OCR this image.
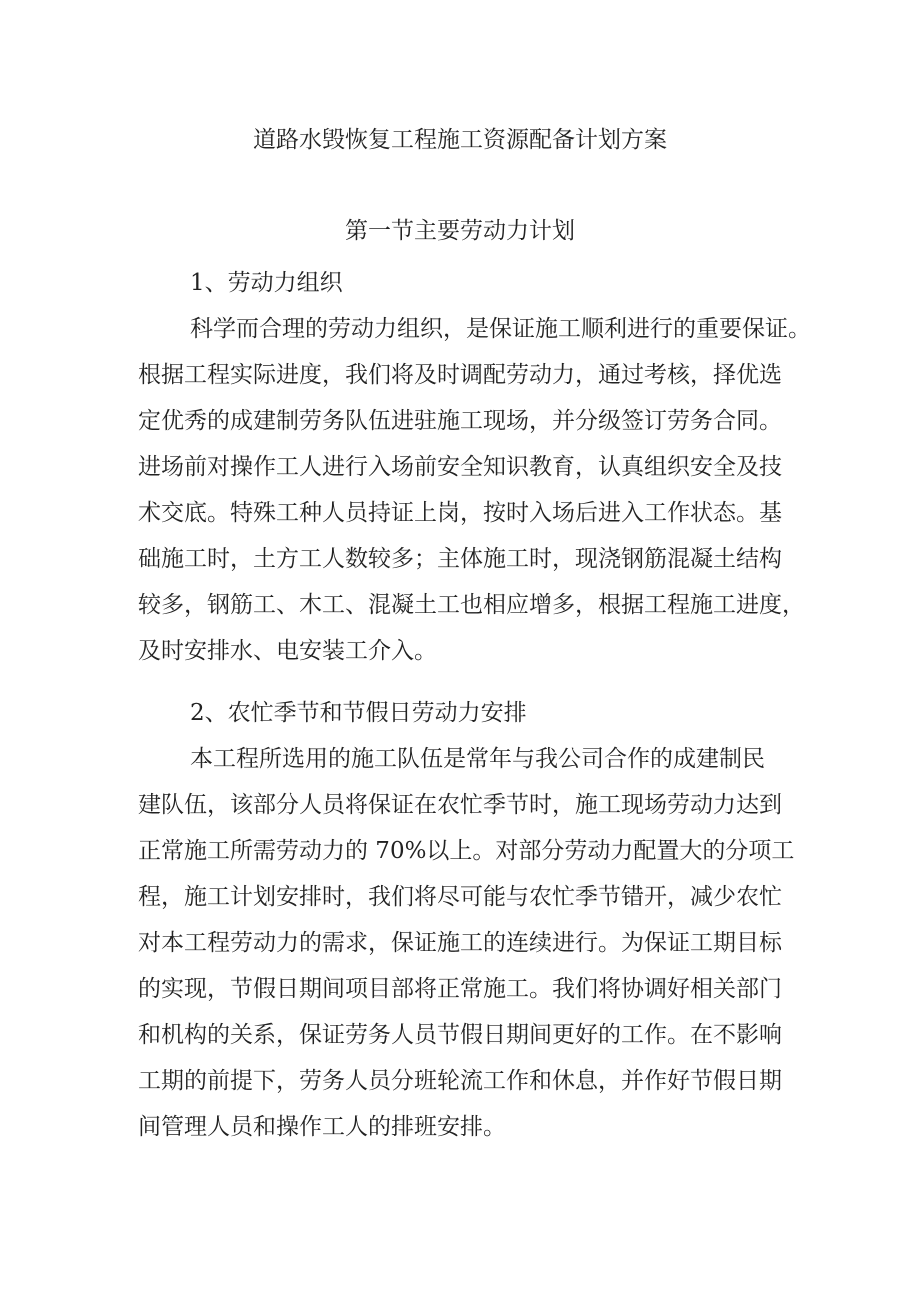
道路水毁恢复工程施工资源配备计划方案
第一节主要劳动力计划
1、劳动力组织
科学而合理的劳动力组织，是保证施工顺利进行的重要保证。
根据工程实际进度，我们将及时调配劳动力，通过考核，择优选
定优秀的成建制劳务队伍进驻施工现场，并分级签订劳务合同。
进场前对操作工人进行入场前安全知识教育，认真组织安全及技
术交底。特殊工种人员持证上岗，按时入场后进入工作状态。基
础施工时，土方工人数较多；主体施工时，现浇钢筋混凝土结构
较多，钢筋工、木工、混凝土工也相应增多，根据工程施工进度，
及时安排水、电安装工介入。
2、农忙季节和节假日劳动力安排
本工程所选用的施工队伍是常年与我公司合作的成建制民
建队伍，该部分人员将保证在农忙季节时，施工现场劳动力达到
正常施工所需劳动力的 70%以上。对部分劳动力配置大的分项工
程，施工计划安排时，我们将尽可能与农忙季节错开，减少农忙
对本工程劳动力的需求，保证施工的连续进行。为保证工期目标
的实现，节假日期间项目部将正常施工。我们将协调好相关部门
和机构的关系，保证劳务人员节假日期间更好的工作。在不影响
工期的前提下，劳务人员分班轮流工作和休息，并作好节假日期
间管理人员和操作工人的排班安排。
